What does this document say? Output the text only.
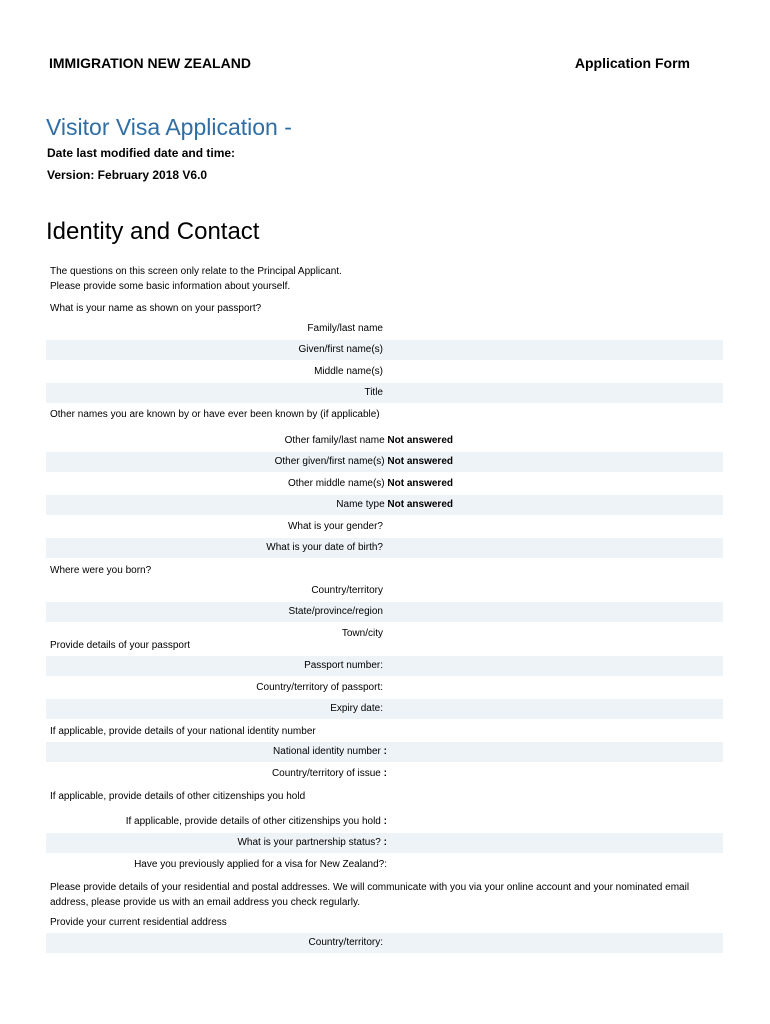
IMMIGRATION NEW ZEALAND	Application Form
Visitor Visa Application -
Date last modified date and time:
Version: February 2018 V6.0
Identity and Contact
The questions on this screen only relate to the Principal Applicant.
Please provide some basic information about yourself.
What is your name as shown on your passport?
Family/last name
Given/first name(s)
Middle name(s)
Title
Other names you are known by or have ever been known by (if applicable)
Other family/last name Not answered
Other given/first name(s) Not answered
Other middle name(s) Not answered
Name type Not answered
What is your gender?
What is your date of birth?
Where were you born?
Country/territory
State/province/region
Town/city
Provide details of your passport
Passport number:
Country/territory of passport:
Expiry date:
If applicable, provide details of your national identity number
National identity number :
Country/territory of issue :
If applicable, provide details of other citizenships you hold
If applicable, provide details of other citizenships you hold :
What is your partnership status? :
Have you previously applied for a visa for New Zealand?:
Please provide details of your residential and postal addresses. We will communicate with you via your online account and your nominated email address, please provide us with an email address you check regularly.
Provide your current residential address
Country/territory:
